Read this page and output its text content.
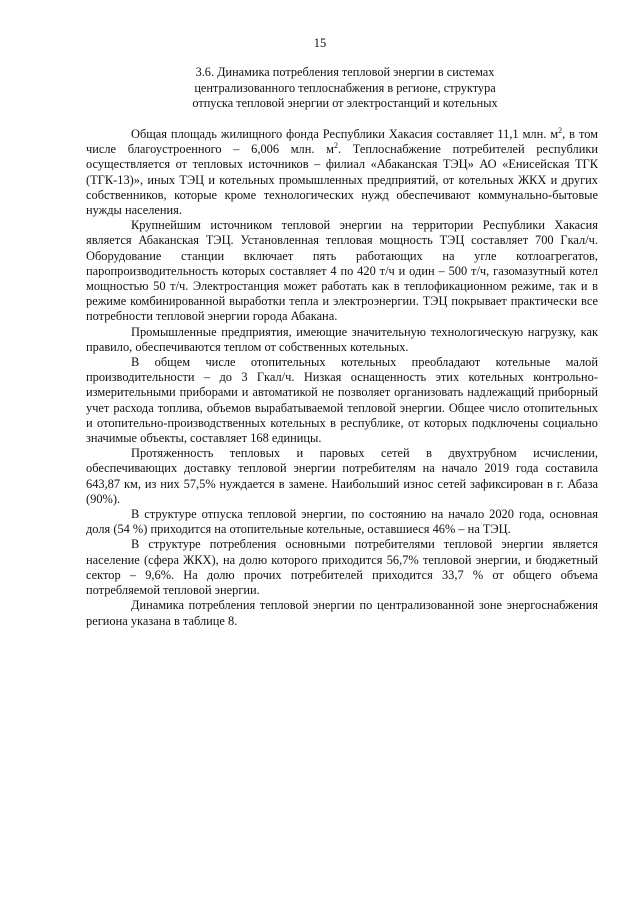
15
3.6. Динамика потребления тепловой энергии в системах
централизованного теплоснабжения в регионе, структура
отпуска тепловой энергии от электростанций и котельных

Общая площадь жилищного фонда Республики Хакасия составляет 11,1 млн. $м^2$, в том числе благоустроенного – 6,006 млн. $м^2$. Теплоснабжение потребителей республики осуществляется от тепловых источников – филиал «Абаканская ТЭЦ» АО «Енисейская ТГК (ТГК-13)», иных ТЭЦ и котельных промышленных предприятий, от котельных ЖКХ и других собственников, которые кроме технологических нужд обеспечивают коммунально-бытовые нужды населения.

Крупнейшим источником тепловой энергии на территории Республики Хакасия является Абаканская ТЭЦ. Установленная тепловая мощность ТЭЦ составляет 700 Гкал/ч. Оборудование станции включает пять работающих на угле котлоагрегатов, паропроизводительность которых составляет 4 по 420 т/ч и один – 500 т/ч, газомазутный котел мощностью 50 т/ч. Электростанция может работать как в теплофикационном режиме, так и в режиме комбинированной выработки тепла и электроэнергии. ТЭЦ покрывает практически все потребности тепловой энергии города Абакана.

Промышленные предприятия, имеющие значительную технологическую нагрузку, как правило, обеспечиваются теплом от собственных котельных.

В общем числе отопительных котельных преобладают котельные малой производительности – до 3 Гкал/ч. Низкая оснащенность этих котельных контрольно-измерительными приборами и автоматикой не позволяет организовать надлежащий приборный учет расхода топлива, объемов вырабатываемой тепловой энергии. Общее число отопительных и отопительно-производственных котельных в республике, от которых подключены социально значимые объекты, составляет 168 единицы.

Протяженность тепловых и паровых сетей в двухтрубном исчислении, обеспечивающих доставку тепловой энергии потребителям на начало 2019 года составила 643,87 км, из них 57,5% нуждается в замене. Наибольший износ сетей зафиксирован в г. Абаза (90%).

В структуре отпуска тепловой энергии, по состоянию на начало 2020 года, основная доля (54 %) приходится на отопительные котельные, оставшиеся 46% – на ТЭЦ.

В структуре потребления основными потребителями тепловой энергии является население (сфера ЖКХ), на долю которого приходится 56,7% тепловой энергии, и бюджетный сектор – 9,6%. На долю прочих потребителей приходится 33,7 % от общего объема потребляемой тепловой энергии.

Динамика потребления тепловой энергии по централизованной зоне энергоснабжения региона указана в таблице 8.
